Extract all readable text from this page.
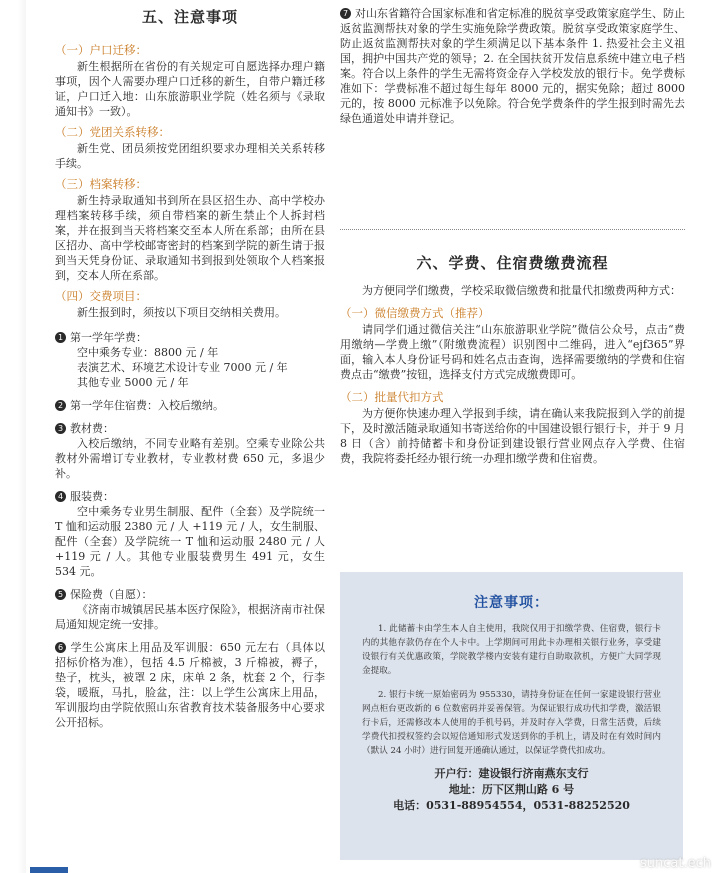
五、注意事项
（一）户口迁移：

新生根据所在省份的有关规定可自愿选择办理户籍事项，因个人需要办理户口迁移的新生，自带户籍迁移证，户口迁入地：山东旅游职业学院（姓名须与《录取通知书》一致）。

（二）党团关系转移：

新生党、团员须按党团组织要求办理相关关系转移手续。

（三）档案转移：

新生持录取通知书到所在县区招生办、高中学校办理档案转移手续，须自带档案的新生禁止个人拆封档案，并在报到当天将档案交至本人所在系部；由所在县区招办、高中学校邮寄密封的档案到学院的新生请于报到当天凭身份证、录取通知书到报到处领取个人档案报到，交本人所在系部。

（四）交费项目：

新生报到时，须按以下项目交纳相关费用。

1 第一学年学费：
空中乘务专业：8800 元 / 年
表演艺术、环境艺术设计专业 7000 元 / 年
其他专业 5000 元 / 年
2 第一学年住宿费：入校后缴纳。
3 教材费：

入校后缴纳，不同专业略有差别。空乘专业除公共教材外需增订专业教材，专业教材费 650 元，多退少补。

4 服装费：

空中乘务专业男生制服、配件（全套）及学院统一 T 恤和运动服 2380 元 / 人 +119 元 / 人，女生制服、配件（全套）及学院统一 T 恤和运动服 2480 元 / 人 +119 元 / 人。其他专业服装费男生 491 元，女生 534 元。

5 保险费（自愿）：

《济南市城镇居民基本医疗保险》，根据济南市社保局通知规定统一安排。

6 学生公寓床上用品及军训服：650 元左右（具体以招标价格为准），包括 4.5 斤棉被，3 斤棉被，褥子，垫子，枕头，被罩 2 床，床单 2 条，枕套 2 个，行李袋，暖瓶，马扎，脸盆，注：以上学生公寓床上用品，军训服均由学院依照山东省教育技术装备服务中心要求公开招标。

7 对山东省籍符合国家标准和省定标准的脱贫享受政策家庭学生、防止返贫监测帮扶对象的学生实施免除学费政策。脱贫享受政策家庭学生、防止返贫监测帮扶对象的学生须满足以下基本条件 1. 热爱社会主义祖国，拥护中国共产党的领导；2. 在全国扶贫开发信息系统中建立电子档案。符合以上条件的学生无需将资金存入学校发放的银行卡。免学费标准如下：学费标准不超过每生每年 8000 元的，据实免除；超过 8000 元的，按 8000 元标准予以免除。符合免学费条件的学生报到时需先去绿色通道处申请并登记。

六、学费、住宿费缴费流程

为方便同学们缴费，学校采取微信缴费和批量代扣缴费两种方式：

（一）微信缴费方式（推荐）

请同学们通过微信关注“山东旅游职业学院”微信公众号，点击“费用缴纳—学费上缴”（附缴费流程）识别图中二维码，进入“ejf365”界面，输入本人身份证号码和姓名点击查询，选择需要缴纳的学费和住宿费点击“缴费”按钮，选择支付方式完成缴费即可。

（二）批量代扣方式

为方便你快速办理入学报到手续，请在确认来我院报到入学的前提下，及时激活随录取通知书寄送给你的中国建设银行银行卡，并于 9 月 8 日（含）前持储蓄卡和身份证到建设银行营业网点存入学费、住宿费，我院将委托经办银行统一办理扣缴学费和住宿费。

注意事项：

1. 此储蓄卡由学生本人自主使用，我院仅用于扣缴学费、住宿费，银行卡内的其他存款仍存在个人卡中。上学期间可用此卡办理相关银行业务，享受建设银行有关优惠政策，学院教学楼内安装有建行自助取款机，方便广大同学现金提取。

2. 银行卡统一原始密码为 955330，请持身份证在任何一家建设银行营业网点柜台更改新的 6 位数密码并妥善保管。为保证银行成功代扣学费，激活银行卡后，还需修改本人使用的手机号码，并及时存入学费，日常生活费，后续学费代扣授权签约会以短信通知形式发送到你的手机上，请及时在有效时间内（默认 24 小时）进行回复开通确认通过，以保证学费代扣成功。

开户行：建设银行济南燕东支行
地址：历下区荆山路 6 号
电话：0531-88954554，0531-88252520
suncat.ech
